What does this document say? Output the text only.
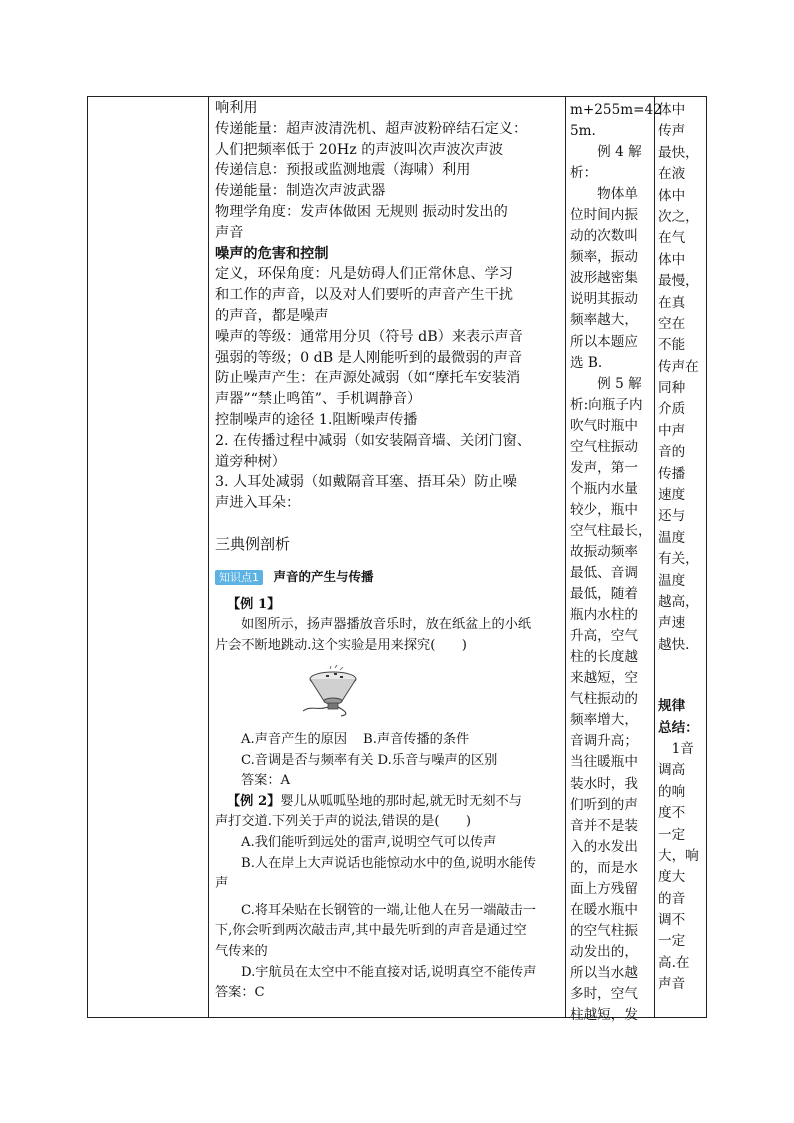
响利用
传递能量：超声波清洗机、超声波粉碎结石定义：
人们把频率低于 20Hz 的声波叫次声波次声波
传递信息：预报或监测地震（海啸）利用
传递能量：制造次声波武器
物理学角度：发声体做困 无规则 振动时发出的
声音
噪声的危害和控制
定义，环保角度：凡是妨碍人们正常休息、学习
和工作的声音，以及对人们要听的声音产生干扰
的声音，都是噪声
噪声的等级：通常用分贝（符号 dB）来表示声音
强弱的等级；0 dB 是人刚能听到的最微弱的声音
防止噪声产生：在声源处减弱（如“摩托车安装消
声器”“禁止鸣笛”、手机调静音）
控制噪声的途径 1.阻断噪声传播
2. 在传播过程中减弱（如安装隔音墙、关闭门窗、
道旁种树）
3. 人耳处减弱（如戴隔音耳塞、捂耳朵）防止噪
声进入耳朵：
三典例剖析
知识点1 声音的产生与传播
【例 1】
如图所示，扬声器播放音乐时，放在纸盆上的小纸
片会不断地跳动.这个实验是用来探究(　　)
A.声音产生的原因 B.声音传播的条件
C.音调是否与频率有关 D.乐音与噪声的区别
答案：A
【例 2】婴儿从呱呱坠地的那时起,就无时无刻不与
声打交道.下列关于声的说法,错误的是(　　)
A.我们能听到远处的雷声,说明空气可以传声
B.人在岸上大声说话也能惊动水中的鱼,说明水能传
声
C.将耳朵贴在长钢管的一端,让他人在另一端敲击一
下,你会听到两次敲击声,其中最先听到的声音是通过空
气传来的
D.宇航员在太空中不能直接对话,说明真空不能传声
答案：C
m+255m=42
5m.
　　例 4 解
析：
　　物体单
位时间内振
动的次数叫
频率，振动
波形越密集
说明其振动
频率越大，
所以本题应
选 B.
　　例 5 解
析:向瓶子内
吹气时瓶中
空气柱振动
发声，第一
个瓶内水量
较少，瓶中
空气柱最长，
故振动频率
最低、音调
最低，随着
瓶内水柱的
升高，空气
柱的长度越
来越短，空
气柱振动的
频率增大，
音调升高；
当往暖瓶中
装水时，我
们听到的声
音并不是装
入的水发出
的，而是水
面上方残留
在暖水瓶中
的空气柱振
动发出的，
所以当水越
多时，空气
柱越短，发
体中
传声
最快，
在液
体中
次之，
在气
体中
最慢，
在真
空在
不能
传声在
同种
介质
中声
音的
传播
速度
还与
温度
有关，
温度
越高，
声速
越快.
规律
总结：
　1音
调高
的响
度不
一定
大，响
度大
的音
调不
一定
高.在
声音
